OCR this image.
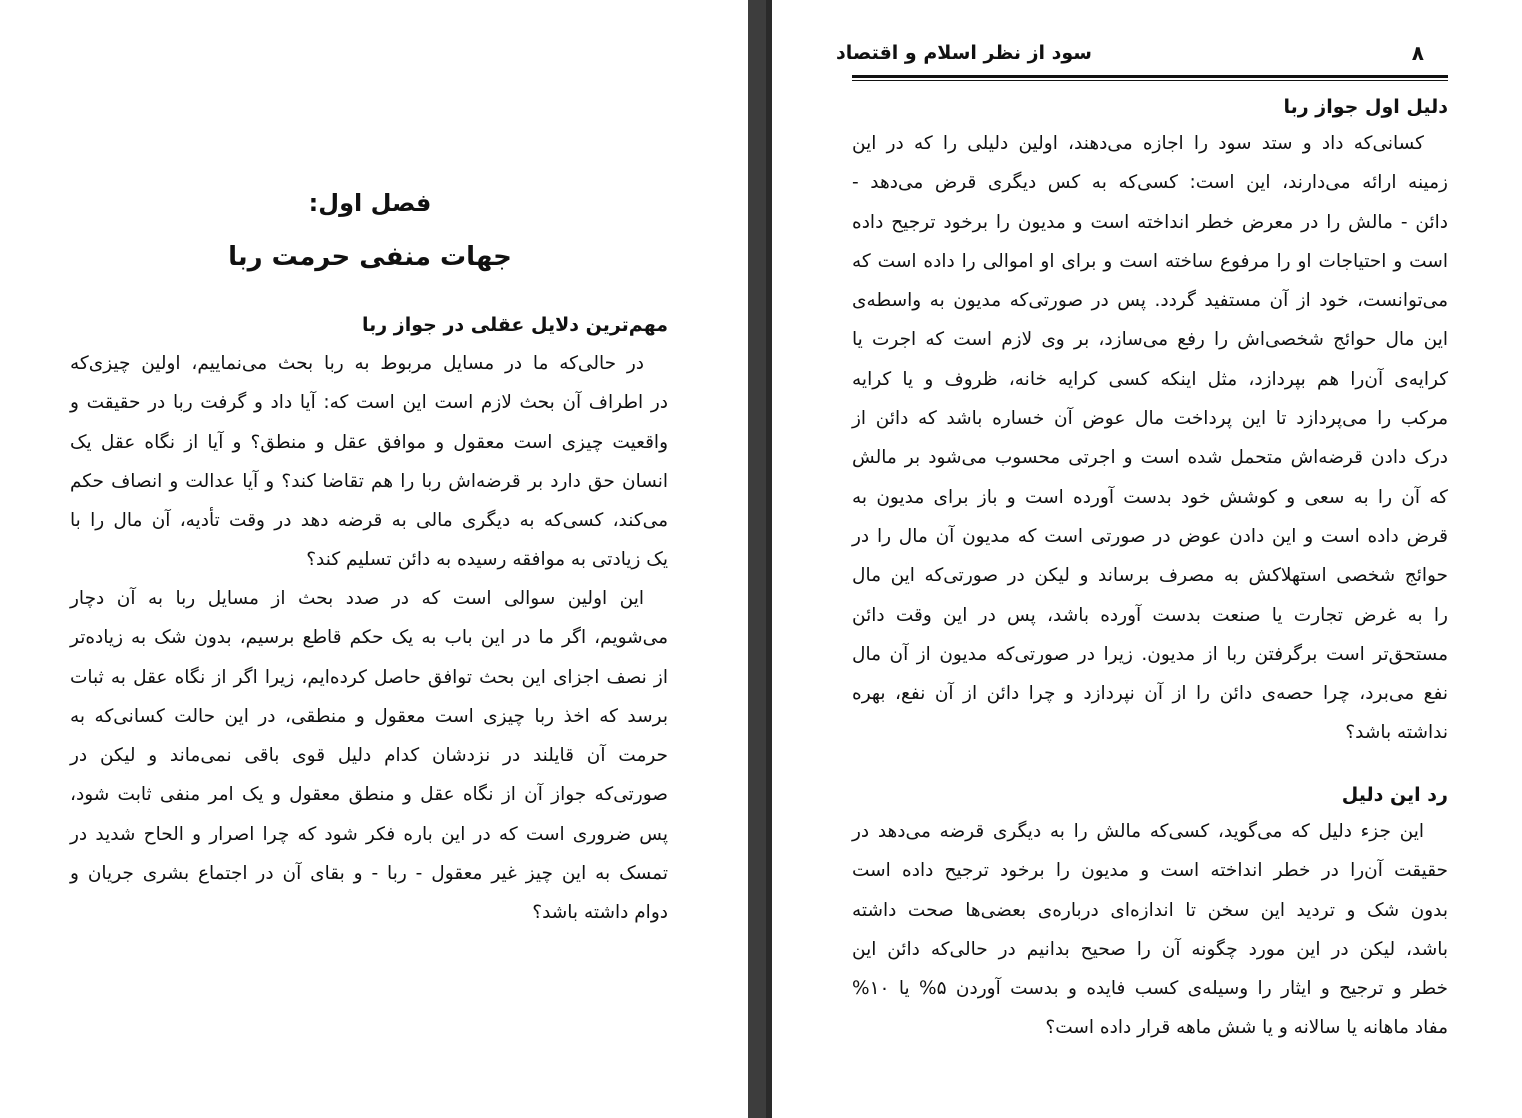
فصل اول:
جهات منفی حرمت ربا
مهم‌ترین دلایل عقلی در جواز ربا
در حالی‌که ما در مسایل مربوط به ربا بحث می‌نماییم، اولین چیزی‌که
در اطراف آن بحث لازم است این است که: آیا داد و گرفت ربا در حقیقت و
واقعیت چیزی است معقول و موافق عقل و منطق؟ و آیا از نگاه عقل یک
انسان حق دارد بر قرضه‌اش ربا را هم تقاضا کند؟ و آیا عدالت و انصاف حکم
می‌کند، کسی‌که به دیگری مالی به قرضه دهد در وقت تأدیه، آن مال را با
یک زیادتی به موافقه رسیده به دائن تسلیم کند؟
این اولین سوالی است که در صدد بحث از مسایل ربا به آن دچار
می‌شویم، اگر ما در این باب به یک حکم قاطع برسیم، بدون شک به زیاده‌تر
از نصف اجزای این بحث توافق حاصل کرده‌ایم، زیرا اگر از نگاه عقل به ثبات
برسد که اخذ ربا چیزی است معقول و منطقی، در این حالت کسانی‌که به
حرمت آن قایلند در نزدشان کدام دلیل قوی باقی نمی‌ماند و لیکن در
صورتی‌که جواز آن از نگاه عقل و منطق معقول و یک امر منفی ثابت شود،
پس ضروری است که در این باره فکر شود که چرا اصرار و الحاح شدید در
تمسک به این چیز غیر معقول - ربا - و بقای آن در اجتماع بشری جریان و
دوام داشته باشد؟
سود از نظر اسلام و اقتصاد	۸
دلیل اول جواز ربا
کسانی‌که داد و ستد سود را اجازه می‌دهند، اولین دلیلی را که در این
زمینه ارائه می‌دارند، این است: کسی‌که به کس دیگری قرض می‌دهد -
دائن - مالش را در معرض خطر انداخته است و مدیون را برخود ترجیح داده
است و احتیاجات او را مرفوع ساخته است و برای او اموالی را داده است که
می‌توانست، خود از آن مستفید گردد. پس در صورتی‌که مدیون به واسطه‌ی
این مال حوائج شخصی‌اش را رفع می‌سازد، بر وی لازم است که اجرت یا
کرایه‌ی آن‌را هم بپردازد، مثل اینکه کسی کرایه خانه، ظروف و یا کرایه
مرکب را می‌پردازد تا این پرداخت مال عوض آن خساره باشد که دائن از
درک دادن قرضه‌اش متحمل شده است و اجرتی محسوب می‌شود بر مالش
که آن را به سعی و کوشش خود بدست آورده است و باز برای مدیون به
قرض داده است و این دادن عوض در صورتی است که مدیون آن مال را در
حوائج شخصی استهلاکش به مصرف برساند و لیکن در صورتی‌که این مال
را به غرض تجارت یا صنعت بدست آورده باشد، پس در این وقت دائن
مستحق‌تر است برگرفتن ربا از مدیون. زیرا در صورتی‌که مدیون از آن مال
نفع می‌برد، چرا حصه‌ی دائن را از آن نپردازد و چرا دائن از آن نفع، بهره
نداشته باشد؟
رد این دلیل
این جزء دلیل که می‌گوید، کسی‌که مالش را به دیگری قرضه می‌دهد در
حقیقت آن‌را در خطر انداخته است و مدیون را برخود ترجیح داده است
بدون شک و تردید این سخن تا اندازه‌ای درباره‌ی بعضی‌ها صحت داشته
باشد، لیکن در این مورد چگونه آن را صحیح بدانیم در حالی‌که دائن این
خطر و ترجیح و ایثار را وسیله‌ی کسب فایده و بدست آوردن ۵% یا ۱۰%
مفاد ماهانه یا سالانه و یا شش ماهه قرار داده است؟
